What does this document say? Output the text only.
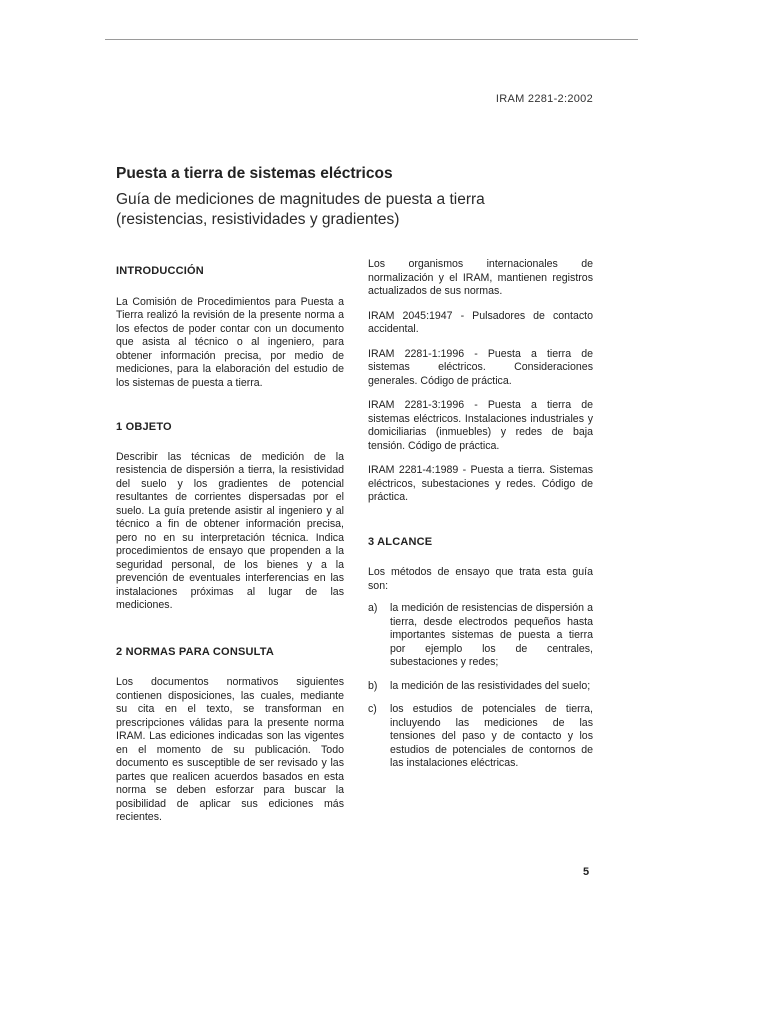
IRAM 2281-2:2002
Puesta a tierra de sistemas eléctricos
Guía de mediciones de magnitudes de puesta a tierra (resistencias, resistividades y gradientes)
INTRODUCCIÓN

La Comisión de Procedimientos para Puesta a Tierra realizó la revisión de la presente norma a los efectos de poder contar con un documento que asista al técnico o al ingeniero, para obtener información precisa, por medio de mediciones, para la elaboración del estudio de los sistemas de puesta a tierra.

1 OBJETO

Describir las técnicas de medición de la resistencia de dispersión a tierra, la resistividad del suelo y los gradientes de potencial resultantes de corrientes dispersadas por el suelo. La guía pretende asistir al ingeniero y al técnico a fin de obtener información precisa, pero no en su interpretación técnica. Indica procedimientos de ensayo que propenden a la seguridad personal, de los bienes y a la prevención de eventuales interferencias en las instalaciones próximas al lugar de las mediciones.

2 NORMAS PARA CONSULTA

Los documentos normativos siguientes contienen disposiciones, las cuales, mediante su cita en el texto, se transforman en prescripciones válidas para la presente norma IRAM. Las ediciones indicadas son las vigentes en el momento de su publicación. Todo documento es susceptible de ser revisado y las partes que realicen acuerdos basados en esta norma se deben esforzar para buscar la posibilidad de aplicar sus ediciones más recientes.

Los organismos internacionales de normalización y el IRAM, mantienen registros actualizados de sus normas.

IRAM 2045:1947 - Pulsadores de contacto accidental.

IRAM 2281-1:1996 - Puesta a tierra de sistemas eléctricos. Consideraciones generales. Código de práctica.

IRAM 2281-3:1996 - Puesta a tierra de sistemas eléctricos. Instalaciones industriales y domiciliarias (inmuebles) y redes de baja tensión. Código de práctica.

IRAM 2281-4:1989 - Puesta a tierra. Sistemas eléctricos, subestaciones y redes. Código de práctica.

3 ALCANCE

Los métodos de ensayo que trata esta guía son:

a)	la medición de resistencias de dispersión a tierra, desde electrodos pequeños hasta importantes sistemas de puesta a tierra por ejemplo los de centrales, subestaciones y redes;
b)	la medición de las resistividades del suelo;
c)	los estudios de potenciales de tierra, incluyendo las mediciones de las tensiones del paso y de contacto y los estudios de potenciales de contornos de las instalaciones eléctricas.
5
